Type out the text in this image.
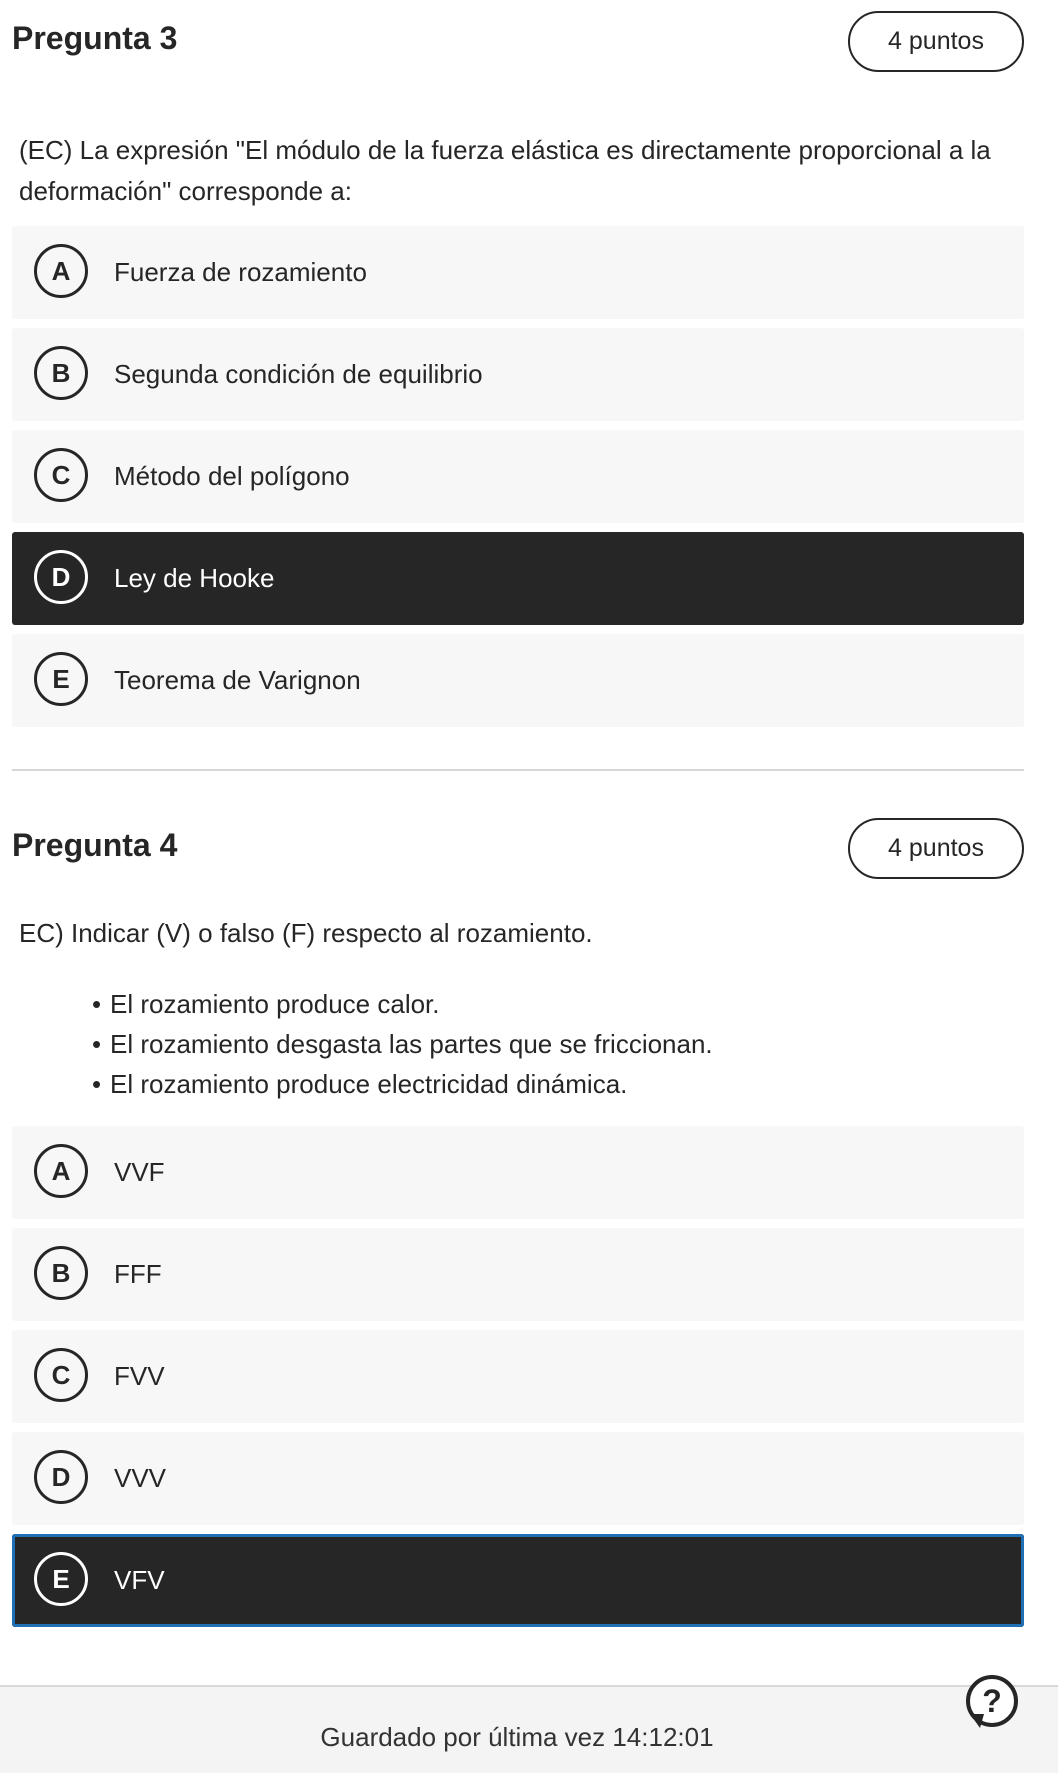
Pregunta 3	4 puntos

(EC) La expresión "El módulo de la fuerza elástica es directamente proporcional a la deformación" corresponde a:

A	Fuerza de rozamiento
B	Segunda condición de equilibrio
C	Método del polígono
D	Ley de Hooke
E	Teorema de Varignon
Pregunta 4	4 puntos

EC) Indicar (V) o falso (F) respecto al rozamiento.

• El rozamiento produce calor.
• El rozamiento desgasta las partes que se friccionan.
• El rozamiento produce electricidad dinámica.
A	VVF
B	FFF
C	FVV
D	VVV
E	VFV
Guardado por última vez 14:12:01
?
